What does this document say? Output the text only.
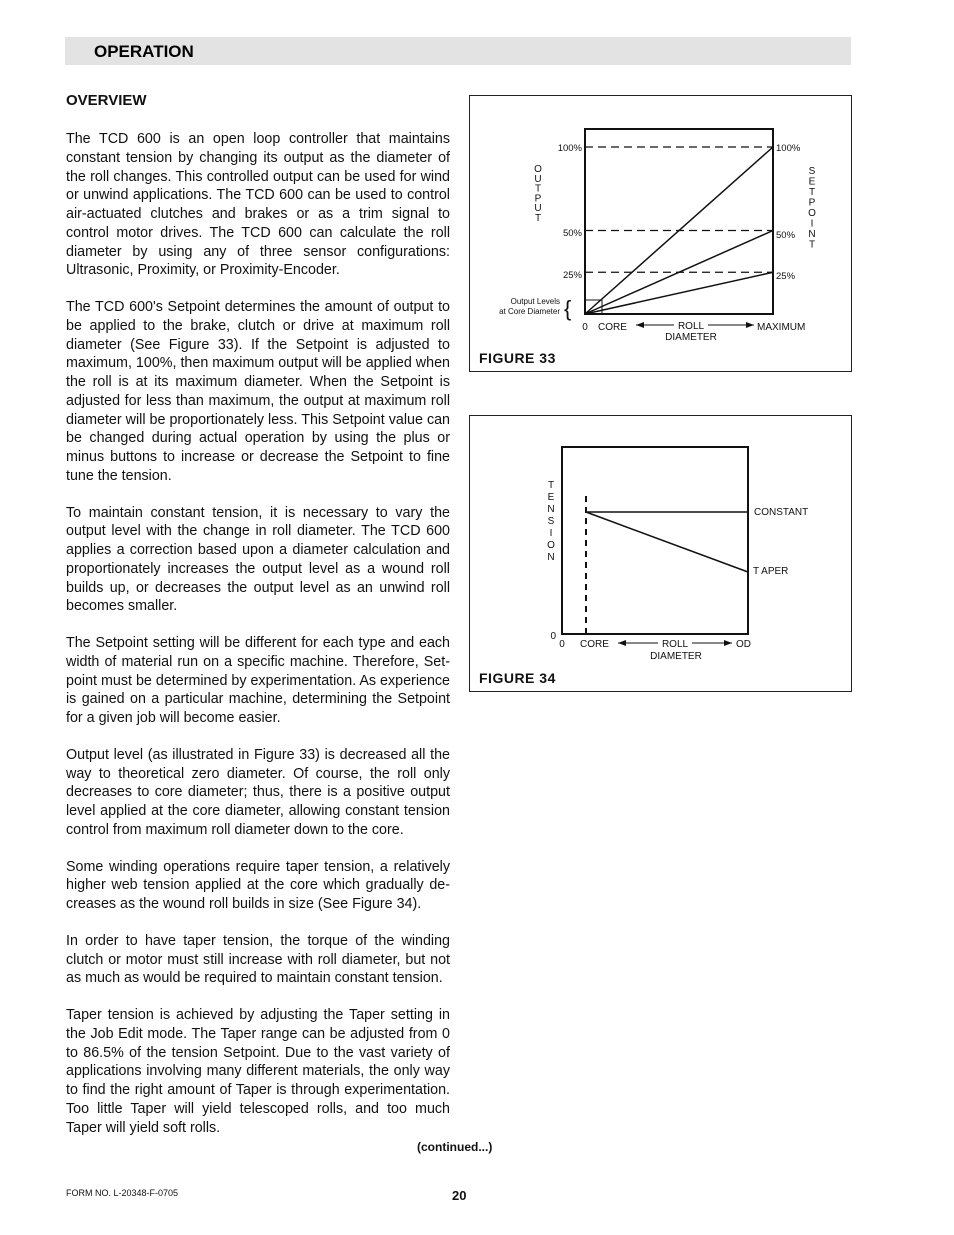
OPERATION
OVERVIEW

The TCD 600 is an open loop controller that maintains constant tension by changing its output as the diameter of the roll changes. This controlled output can be used for wind or unwind applications. The TCD 600 can be used to control air-actuated clutches and brakes or as a trim signal to control motor drives. The TCD 600 can calculate the roll diameter by using any of three sensor configurations: Ultrasonic, Proximity, or Proximity-Encoder.

The TCD 600's Setpoint determines the amount of output to be applied to the brake, clutch or drive at maximum roll diameter (See Figure 33). If the Setpoint is adjusted to maximum, 100%, then maximum output will be applied when the roll is at its maximum diameter. When the Setpoint is adjusted for less than maximum, the output at maximum roll diameter will be proportionately less. This Setpoint value can be changed during actual operation by using the plus or minus buttons to increase or decrease the Setpoint to fine tune the tension.

To maintain constant tension, it is necessary to vary the output level with the change in roll diameter. The TCD 600 applies a correction based upon a diameter calculation and proportionately increases the output level as a wound roll builds up, or decreases the output level as an unwind roll becomes smaller.

The Setpoint setting will be different for each type and each width of material run on a specific machine. Therefore, Set-point must be determined by experimentation. As experience is gained on a particular machine, determining the Setpoint for a given job will become easier.

Output level (as illustrated in Figure 33) is decreased all the way to theoretical zero diameter. Of course, the roll only decreases to core diameter; thus, there is a positive output level applied at the core diameter, allowing constant tension control from maximum roll diameter down to the core.

Some winding operations require taper tension, a relatively higher web tension applied at the core which gradually de-creases as the wound roll builds in size (See Figure 34).

In order to have taper tension, the torque of the winding clutch or motor must still increase with roll diameter, but not as much as would be required to maintain constant tension.

Taper tension is achieved by adjusting the Taper setting in the Job Edit mode. The Taper range can be adjusted from 0 to 86.5% of the tension Setpoint. Due to the vast variety of applications involving many different materials, the only way to find the right amount of Taper is through experimentation. Too little Taper will yield telescoped rolls, and too much Taper will yield soft rolls.

100%
50%
25%
100%
50%
25%
O
U
T
P
U
T
S
E
T
P
O
I
N
T
Output Levels
at Core Diameter {
0 CORE	ROLL
DIAMETER
MAXIMUM
FIGURE 33
T
E
N
S
I
O
N
0
CONSTANT
T APER
0 CORE	ROLL
DIAMETER
OD
FIGURE 34
(continued...)
FORM NO. L-20348-F-0705	20
